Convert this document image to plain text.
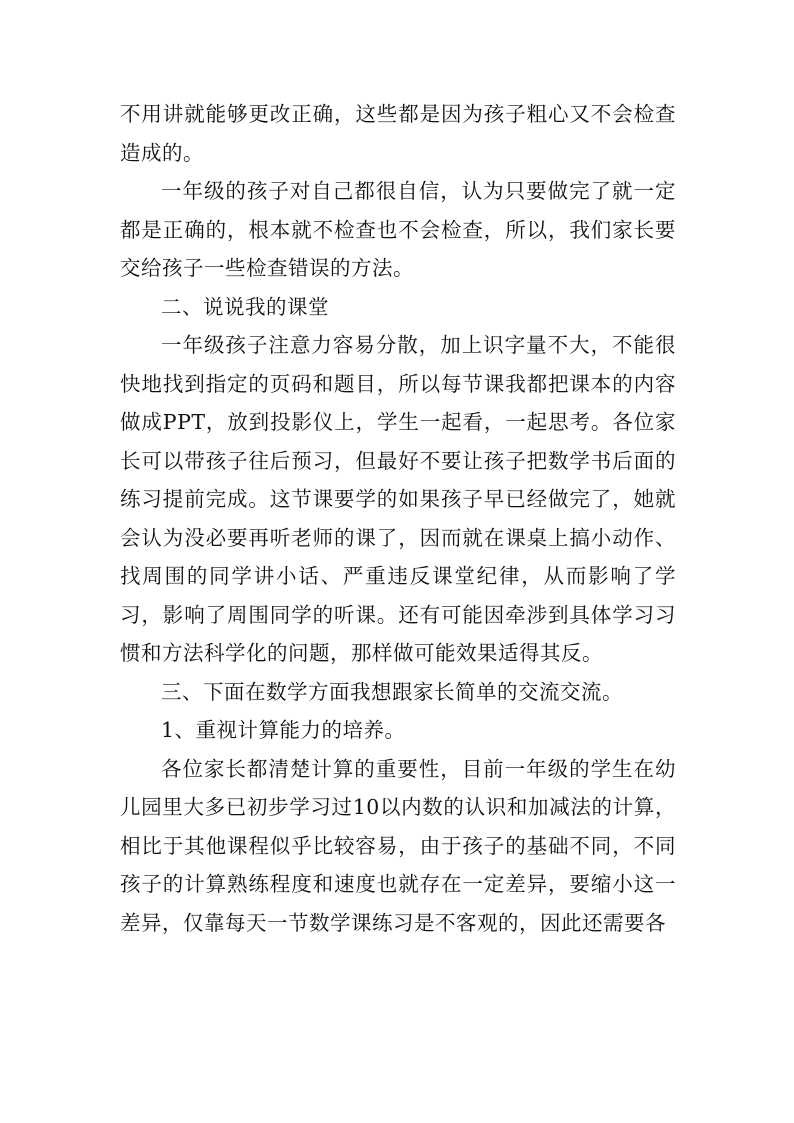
不用讲就能够更改正确，这些都是因为孩子粗心又不会检查造成的。

一年级的孩子对自己都很自信，认为只要做完了就一定都是正确的，根本就不检查也不会检查，所以，我们家长要交给孩子一些检查错误的方法。

二、说说我的课堂

一年级孩子注意力容易分散，加上识字量不大，不能很快地找到指定的页码和题目，所以每节课我都把课本的内容做成PPT，放到投影仪上，学生一起看，一起思考。各位家长可以带孩子往后预习，但最好不要让孩子把数学书后面的练习提前完成。这节课要学的如果孩子早已经做完了，她就会认为没必要再听老师的课了，因而就在课桌上搞小动作、找周围的同学讲小话、严重违反课堂纪律，从而影响了学习，影响了周围同学的听课。还有可能因牵涉到具体学习习惯和方法科学化的问题，那样做可能效果适得其反。

三、下面在数学方面我想跟家长简单的交流交流。

1、重视计算能力的培养。

各位家长都清楚计算的重要性，目前一年级的学生在幼儿园里大多已初步学习过10以内数的认识和加减法的计算，相比于其他课程似乎比较容易，由于孩子的基础不同，不同孩子的计算熟练程度和速度也就存在一定差异，要缩小这一差异，仅靠每天一节数学课练习是不客观的，因此还需要各
